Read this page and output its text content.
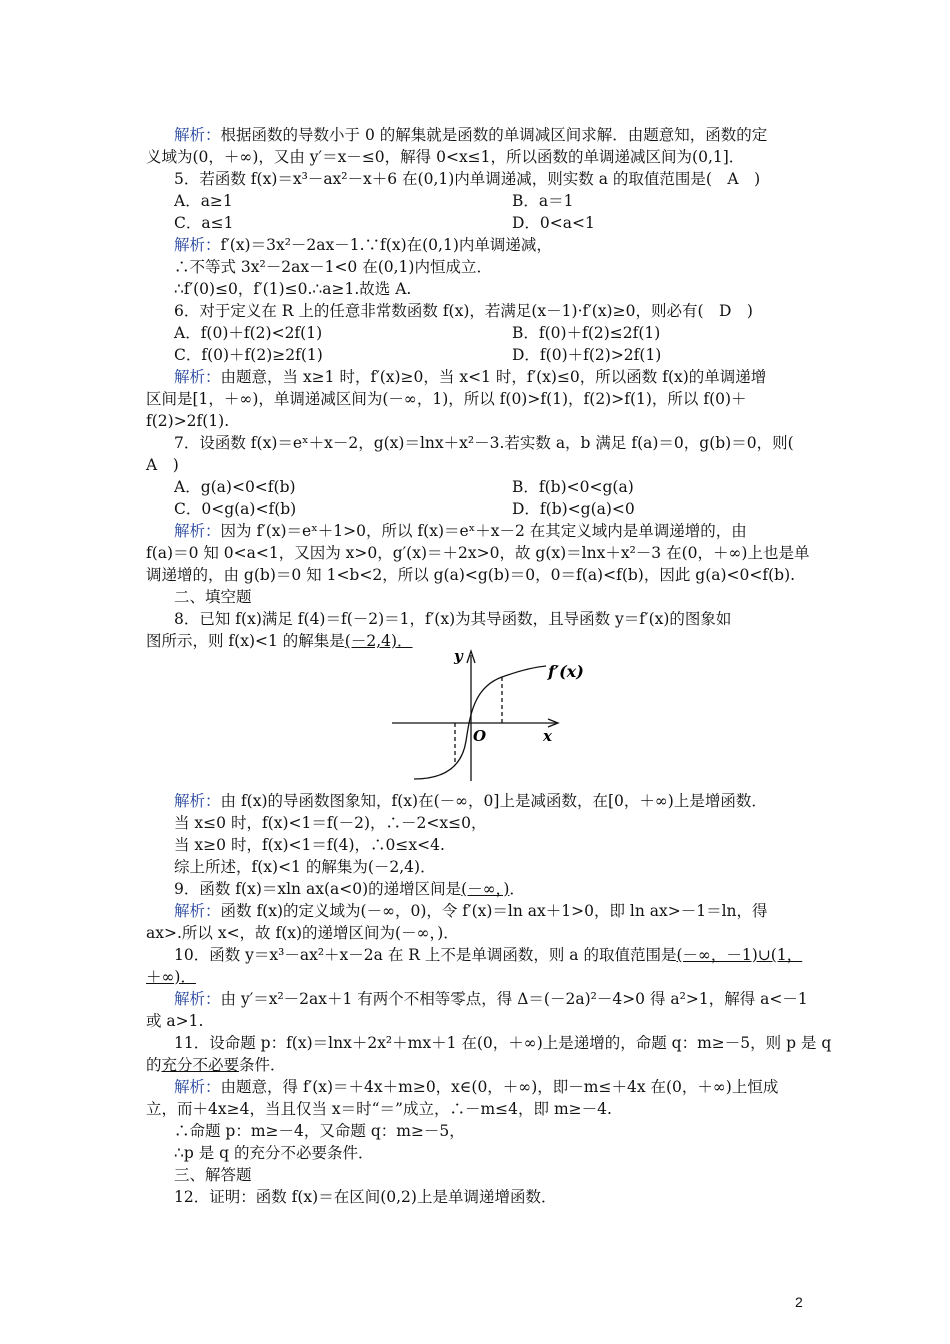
解析：根据函数的导数小于 0 的解集就是函数的单调减区间求解．由题意知，函数的定
义域为(0，＋∞)，又由 y′＝x－≤0，解得 0<x≤1，所以函数的单调递减区间为(0,1]．
5．若函数 f(x)＝x³－ax²－x＋6 在(0,1)内单调递减，则实数 a 的取值范围是(　A　)
A．a≥1	B．a＝1
C．a≤1	D．0<a<1
解析：f′(x)＝3x²－2ax－1.∵f(x)在(0,1)内单调递减，
∴不等式 3x²－2ax－1<0 在(0,1)内恒成立．
∴f′(0)≤0，f′(1)≤0.∴a≥1.故选 A.
6．对于定义在 R 上的任意非常数函数 f(x)，若满足(x－1)·f′(x)≥0，则必有(　D　)
A．f(0)＋f(2)<2f(1)	B．f(0)＋f(2)≤2f(1)
C．f(0)＋f(2)≥2f(1)	D．f(0)＋f(2)>2f(1)
解析：由题意，当 x≥1 时，f′(x)≥0，当 x<1 时，f′(x)≤0，所以函数 f(x)的单调递增
区间是[1，＋∞)，单调递减区间为(－∞，1)，所以 f(0)>f(1)，f(2)>f(1)，所以 f(0)＋
f(2)>2f(1).
7．设函数 f(x)＝eˣ＋x－2，g(x)＝lnx＋x²－3.若实数 a，b 满足 f(a)＝0，g(b)＝0，则(
A　)
A．g(a)<0<f(b)	B．f(b)<0<g(a)
C．0<g(a)<f(b)	D．f(b)<g(a)<0
解析：因为 f′(x)＝eˣ＋1>0，所以 f(x)＝eˣ＋x－2 在其定义域内是单调递增的，由
f(a)＝0 知 0<a<1，又因为 x>0，g′(x)＝＋2x>0，故 g(x)＝lnx＋x²－3 在(0，＋∞)上也是单
调递增的，由 g(b)＝0 知 1<b<2，所以 g(a)<g(b)＝0，0＝f(a)<f(b)，因此 g(a)<0<f(b).
二、填空题
8．已知 f(x)满足 f(4)＝f(－2)＝1，f′(x)为其导函数，且导函数 y＝f′(x)的图象如
图所示，则 f(x)<1 的解集是(－2,4)．
y
x
O
f′(x)
解析：由 f(x)的导函数图象知，f(x)在(－∞，0]上是减函数，在[0，＋∞)上是增函数．
当 x≤0 时，f(x)<1＝f(－2)，∴－2<x≤0，
当 x≥0 时，f(x)<1＝f(4)，∴0≤x<4.
综上所述，f(x)<1 的解集为(－2,4)．
9．函数 f(x)＝xln ax(a<0)的递增区间是(－∞，)．
解析：函数 f(x)的定义域为(－∞，0)，令 f′(x)＝ln ax＋1>0，即 ln ax>－1＝ln，得
ax>.所以 x<，故 f(x)的递增区间为(－∞，)．
10．函数 y＝x³－ax²＋x－2a 在 R 上不是单调函数，则 a 的取值范围是(－∞，－1)∪(1，
＋∞)．
解析：由 y′＝x²－2ax＋1 有两个不相等零点，得 Δ＝(－2a)²－4>0 得 a²>1，解得 a<－1
或 a>1.
11．设命题 p：f(x)＝lnx＋2x²＋mx＋1 在(0，＋∞)上是递增的，命题 q：m≥－5，则 p 是 q
的充分不必要条件．
解析：由题意，得 f′(x)＝＋4x＋m≥0，x∈(0，＋∞)，即－m≤＋4x 在(0，＋∞)上恒成
立，而＋4x≥4，当且仅当 x＝时“＝”成立，∴－m≤4，即 m≥－4.
∴命题 p：m≥－4，又命题 q：m≥－5，
∴p 是 q 的充分不必要条件．
三、解答题
12．证明：函数 f(x)＝在区间(0,2)上是单调递增函数．
2
